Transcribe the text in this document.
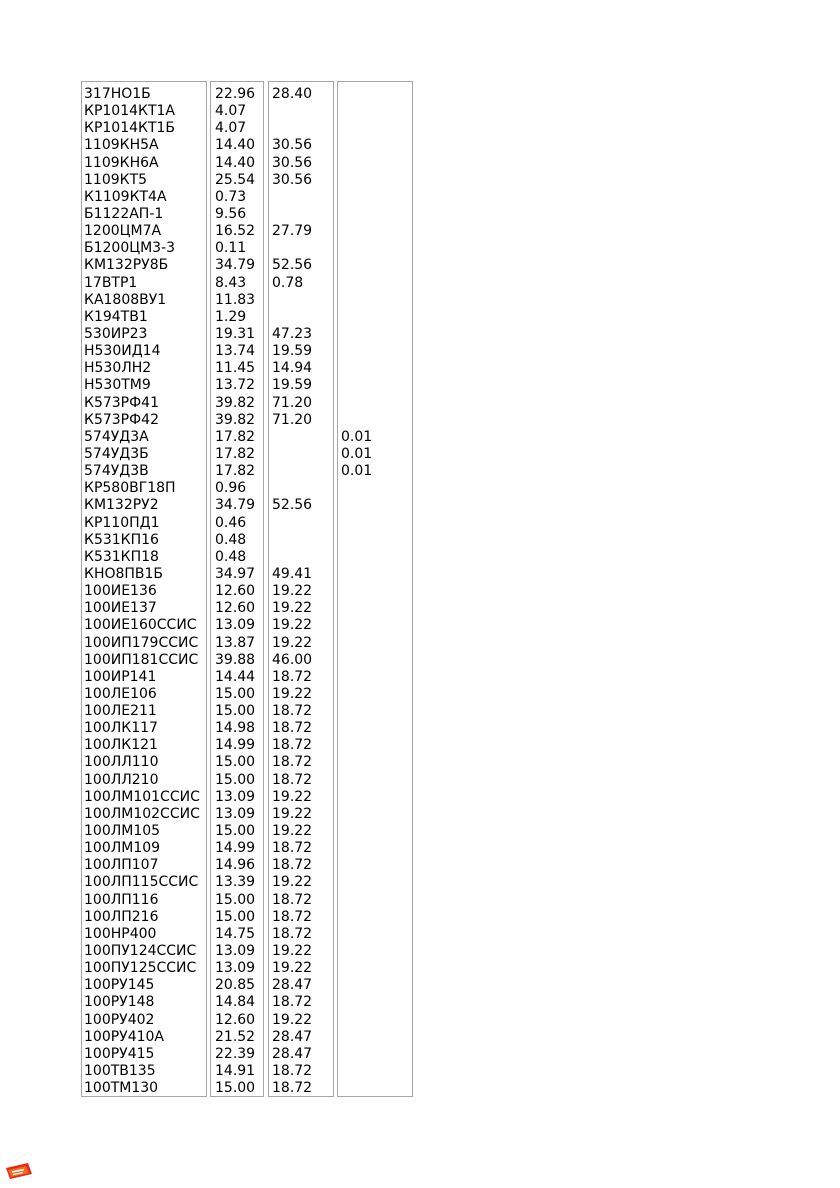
317НО1Б
КР1014КТ1А
КР1014КТ1Б
1109КН5А
1109КН6А
1109КТ5
К1109КТ4А
Б1122АП-1
1200ЦМ7А
Б1200ЦМ3-3
КМ132РУ8Б
17ВТР1
КА1808ВУ1
К194ТВ1
530ИР23
Н530ИД14
Н530ЛН2
Н530ТМ9
К573РФ41
К573РФ42
574УД3А
574УД3Б
574УД3В
КР580ВГ18П
КМ132РУ2
КР110ПД1
К531КП16
К531КП18
КНО8ПВ1Б
100ИЕ136
100ИЕ137
100ИЕ160ССИС
100ИП179ССИС
100ИП181ССИС
100ИР141
100ЛЕ106
100ЛЕ211
100ЛК117
100ЛК121
100ЛЛ110
100ЛЛ210
100ЛМ101ССИС
100ЛМ102ССИС
100ЛМ105
100ЛМ109
100ЛП107
100ЛП115ССИС
100ЛП116
100ЛП216
100НР400
100ПУ124ССИС
100ПУ125ССИС
100РУ145
100РУ148
100РУ402
100РУ410А
100РУ415
100ТВ135
100ТМ130
22.96
4.07
4.07
14.40
14.40
25.54
0.73
9.56
16.52
0.11
34.79
8.43
11.83
1.29
19.31
13.74
11.45
13.72
39.82
39.82
17.82
17.82
17.82
0.96
34.79
0.46
0.48
0.48
34.97
12.60
12.60
13.09
13.87
39.88
14.44
15.00
15.00
14.98
14.99
15.00
15.00
13.09
13.09
15.00
14.99
14.96
13.39
15.00
15.00
14.75
13.09
13.09
20.85
14.84
12.60
21.52
22.39
14.91
15.00
28.40
30.56
30.56
30.56
27.79
52.56
0.78
47.23
19.59
14.94
19.59
71.20
71.20
52.56
49.41
19.22
19.22
19.22
19.22
46.00
18.72
19.22
18.72
18.72
18.72
18.72
18.72
19.22
19.22
19.22
18.72
18.72
19.22
18.72
18.72
18.72
19.22
19.22
28.47
18.72
19.22
28.47
28.47
18.72
18.72
0.01
0.01
0.01
